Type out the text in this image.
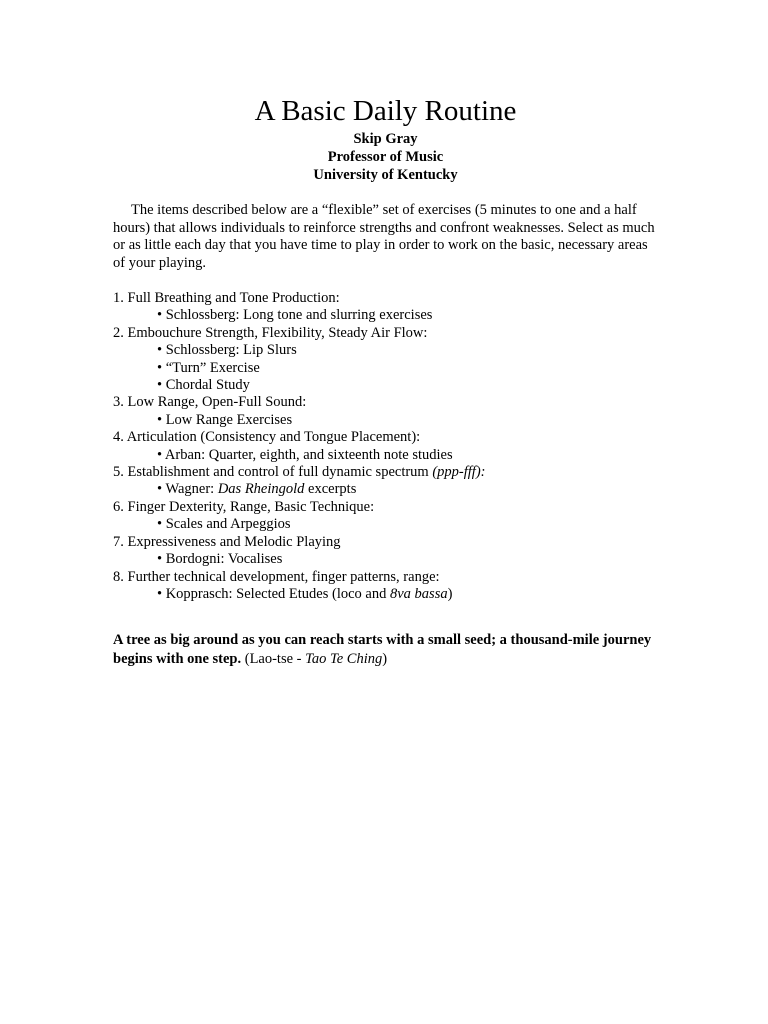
A Basic Daily Routine

Skip Gray

Professor of Music

University of Kentucky

The items described below are a “flexible” set of exercises (5 minutes to one and a half hours) that allows individuals to reinforce strengths and confront weaknesses. Select as much or as little each day that you have time to play in order to work on the basic, necessary areas of your playing.

1. Full Breathing and Tone Production:

• Schlossberg: Long tone and slurring exercises

2. Embouchure Strength, Flexibility, Steady Air Flow:

• Schlossberg: Lip Slurs

• “Turn” Exercise

• Chordal Study

3. Low Range, Open-Full Sound:

• Low Range Exercises

4. Articulation (Consistency and Tongue Placement):

• Arban: Quarter, eighth, and sixteenth note studies

5. Establishment and control of full dynamic spectrum (ppp-fff):

• Wagner: Das Rheingold excerpts

6. Finger Dexterity, Range, Basic Technique:

• Scales and Arpeggios

7. Expressiveness and Melodic Playing

• Bordogni: Vocalises

8. Further technical development, finger patterns, range:

• Kopprasch: Selected Etudes (loco and 8va bassa)

A tree as big around as you can reach starts with a small seed; a thousand-mile journey begins with one step. (Lao-tse - Tao Te Ching)
